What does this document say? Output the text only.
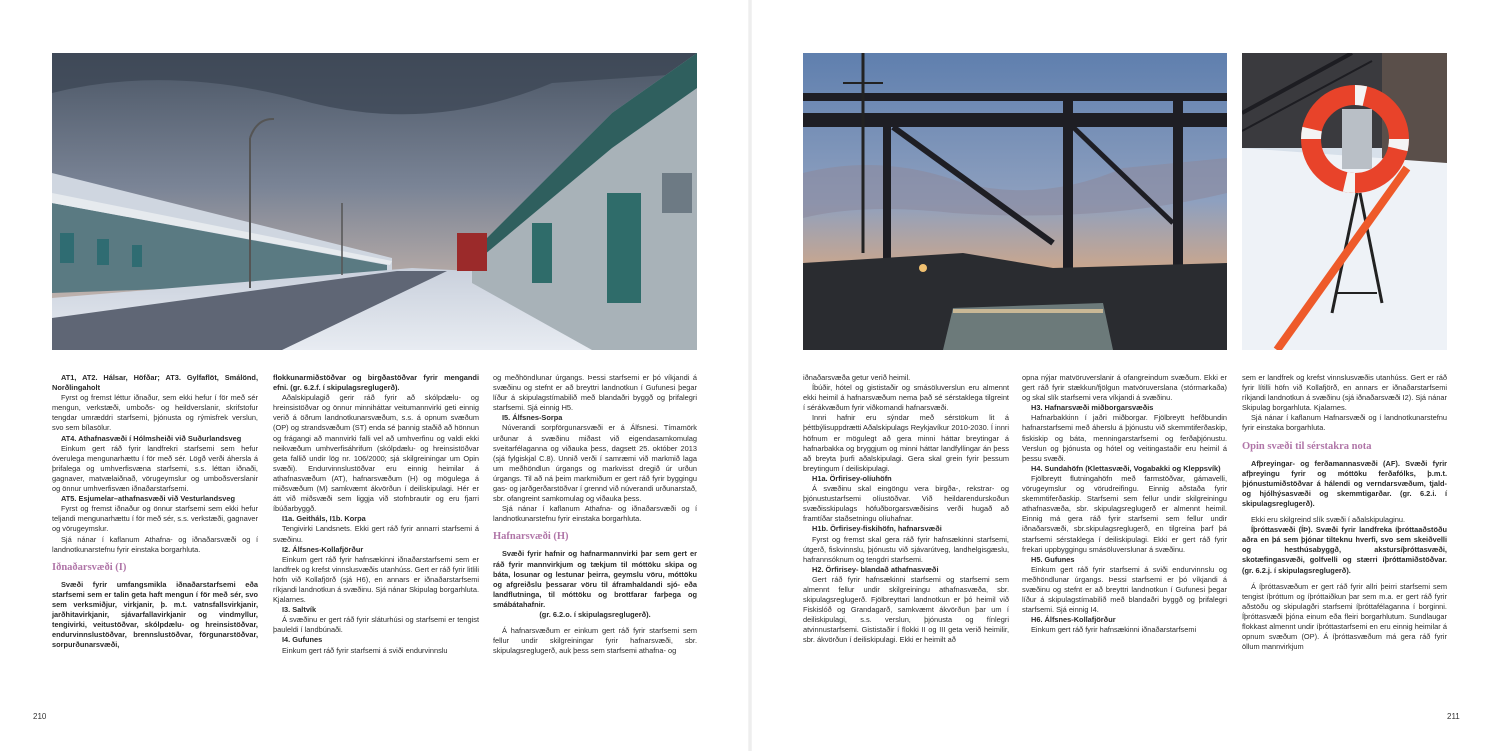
AT1, AT2. Hálsar, Höfðar; AT3. Gylfaflöt, Smálönd, Norðlingaholt

Fyrst og fremst léttur iðnaður, sem ekki hefur í för með sér mengun, verkstæði, umboðs- og heildverslanir, skrifstofur tengdar umræddri starfsemi, þjónusta og rýmisfrek verslun, svo sem bílasölur.

AT4. Athafnasvæði í Hólmsheiði við Suðurlandsveg

Einkum gert ráð fyrir landfrekri starfsemi sem hefur óverulega mengunarhættu í för með sér. Lögð verði áhersla á þrifalega og umhverfisvæna starfsemi, s.s. léttan iðnaði, gagnaver, matvælaiðnað, vörugeymslur og umboðsverslanir og önnur umhverfisvæn iðnaðarstarfsemi.

AT5. Esjumelar–athafnasvæði við Vesturlandsveg

Fyrst og fremst iðnaður og önnur starfsemi sem ekki hefur teljandi mengunarhættu í för með sér, s.s. verkstæði, gagnaver og vörugeymslur.

Sjá nánar í kaflanum Athafna- og iðnaðarsvæði og í landnotkunarstefnu fyrir einstaka borgarhluta.

Iðnaðarsvæði (I)

Svæði fyrir umfangsmikla iðnaðarstarfsemi eða starfsemi sem er talin geta haft mengun í för með sér, svo sem verksmiðjur, virkjanir, þ. m.t. vatnsfallsvirkjanir, jarðhitavirkjanir, sjávarfallavirkjanir og vindmyllur, tengivirki, veitustöðvar, skólpdælu- og hreinsistöðvar, endurvinnslustöðvar, brennslustöðvar, förgunarstöðvar, sorpurðunarsvæði,

flokkunarmiðstöðvar og birgðastöðvar fyrir mengandi efni. (gr. 6.2.f. í skipulagsreglugerð).

Aðalskipulagið gerir ráð fyrir að skólpdælu- og hreinsistöðvar og önnur minniháttar veitumannvirki geti einnig verið á öðrum landnotkunarsvæðum, s.s. á opnum svæðum (OP) og strandsvæðum (ST) enda sé þannig staðið að hönnun og frágangi að mannvirki falli vel að umhverfinu og valdi ekki neikvæðum umhverfisáhrifum (skólpdælu- og hreinsistöðvar geta fallið undir lög nr. 106/2000; sjá skilgreiningar um Opin svæði). Endurvinnslustöðvar eru einnig heimilar á athafnasvæðum (AT), hafnarsvæðum (H) og mögulega á miðsvæðum (M) samkvæmt ákvörðun í deiliskipulagi. Hér er átt við miðsvæði sem liggja við stofnbrautir og eru fjarri íbúðarbyggð.

I1a. Geitháls, I1b. Korpa

Tengivirki Landsnets. Ekki gert ráð fyrir annarri starfsemi á svæðinu.

I2. Álfsnes-Kollafjörður

Einkum gert ráð fyrir hafnsækinni iðnaðarstarfsemi sem er landfrek og krefst vinnslusvæðis utanhúss. Gert er ráð fyrir litlili höfn við Kollafjörð (sjá H6), en annars er iðnaðarstarfsemi ríkjandi landnotkun á svæðinu. Sjá nánar Skipulag borgarhluta. Kjalarnes.

I3. Saltvík

Á svæðinu er gert ráð fyrir sláturhúsi og starfsemi er tengist þauleldi í landbúnaði.

I4. Gufunes

Einkum gert ráð fyrir starfsemi á sviði endurvinnslu

og meðhöndlunar úrgangs. Þessi starfsemi er þó víkjandi á svæðinu og stefnt er að breyttri landnotkun í Gufunesi þegar líður á skipulagstímabilið með blandaðri byggð og þrifalegri starfsemi. Sjá einnig H5.

I5. Álfsnes-Sorpa

Núverandi sorpförgunarsvæði er á Álfsnesi. Tímamörk urðunar á svæðinu miðast við eigendasamkomulag sveitarfélaganna og viðauka þess, dagsett 25. október 2013 (sjá fylgiskjal C.8). Unnið verði í samræmi við markmið laga um meðhöndlun úrgangs og markvisst dregið úr urðun úrgangs. Til að ná þeim markmiðum er gert ráð fyrir byggingu gas- og jarðgerðarstöðvar í grennd við núverandi urðunarstað, sbr. ofangreint samkomulag og viðauka þess.

Sjá nánar í kaflanum Athafna- og iðnaðarsvæði og í landnotkunarstefnu fyrir einstaka borgarhluta.

Hafnarsvæði (H)

Svæði fyrir hafnir og hafnarmannvirki þar sem gert er ráð fyrir mannvirkjum og tækjum til móttöku skipa og báta, losunar og lestunar þeirra, geymslu vöru, móttöku og afgreiðslu þessarar vöru til áframhaldandi sjó- eða landflutninga, til móttöku og brottfarar farþega og smábátahafnir.

(gr. 6.2.o. í skipulagsreglugerð).

Á hafnarsvæðum er einkum gert ráð fyrir starfsemi sem fellur undir skilgreiningar fyrir hafnarsvæði, sbr. skipulagsreglugerð, auk þess sem starfsemi athafna- og

210

iðnaðarsvæða getur verið heimil.

Íbúðir, hótel og gististaðir og smásöluverslun eru almennt ekki heimil á hafnarsvæðum nema það sé sérstaklega tilgreint í sérákvæðum fyrir viðkomandi hafnarsvæði.

Innri hafnir eru sýndar með sérstökum lit á þéttbýlisuppdrætti Aðalskipulags Reykjavíkur 2010-2030. Í innri höfnum er mögulegt að gera minni háttar breytingar á hafnarbakka og bryggjum og minni háttar landfyllingar án þess að breyta þurfi aðalskipulagi. Gera skal grein fyrir þessum breytingum í deiliskipulagi.

H1a. Örfirisey-olíuhöfn

Á svæðinu skal eingöngu vera birgða-, rekstrar- og þjónustustarfsemi olíustöðvar. Við heildarendurskoðun svæðisskipulags höfuðborgarsvæðisins verði hugað að framtíðar staðsetningu olíuhafnar.

H1b. Örfirisey-fiskihöfn, hafnarsvæði

Fyrst og fremst skal gera ráð fyrir hafnsækinni starfsemi, útgerð, fiskvinnslu, þjónustu við sjávarútveg, landhelgisgæslu, hafrannsóknum og tengdri starfsemi.

H2. Örfirisey- blandað athafnasvæði

Gert ráð fyrir hafnsækinni starfsemi og starfsemi sem almennt fellur undir skilgreiningu athafnasvæða, sbr. skipulagsreglugerð. Fjölbreyttari landnotkun er þó heimil við Fiskislóð og Grandagarð, samkvæmt ákvörðun þar um í deiliskipulagi, s.s. verslun, þjónusta og fínlegri atvinnustarfsemi. Gististaðir í flokki II og III geta verið heimilir, sbr. ákvörðun í deiliskipulagi. Ekki er heimilt að

opna nýjar matvöruverslanir á ofangreindum svæðum. Ekki er gert ráð fyrir stækkun/fjölgun matvöruverslana (stórmarkaða) og skal slík starfsemi vera víkjandi á svæðinu.

H3. Hafnarsvæði miðborgarsvæðis

Hafnarbakkinn í jaðri miðborgar. Fjölbreytt hefðbundin hafnarstarfsemi með áherslu á þjónustu við skemmtiferðaskip, fiskiskip og báta, menningarstarfsemi og ferðaþjónustu. Verslun og þjónusta og hótel og veitingastaðir eru heimil á þessu svæði.

H4. Sundahöfn (Klettasvæði, Vogabakki og Kleppsvík)

Fjölbreytt flutningahöfn með farmstöðvar, gámavelli, vörugeymslur og vörudreifingu. Einnig aðstaða fyrir skemmtiferðaskip. Starfsemi sem fellur undir skilgreiningu athafnasvæða, sbr. skipulagsreglugerð er almennt heimil. Einnig má gera ráð fyrir starfsemi sem fellur undir iðnaðarsvæði, sbr.skipulagsreglugerð, en tilgreina þarf þá starfsemi sérstaklega í deiliskipulagi. Ekki er gert ráð fyrir frekari uppbyggingu smásöluverslunar á svæðinu.

H5. Gufunes

Einkum gert ráð fyrir starfsemi á sviði endurvinnslu og meðhöndlunar úrgangs. Þessi starfsemi er þó víkjandi á svæðinu og stefnt er að breyttri landnotkun í Gufunesi þegar líður á skipulagstímabilið með blandaðri byggð og þrifalegri starfsemi. Sjá einnig I4.

H6. Álfsnes-Kollafjörður

Einkum gert ráð fyrir hafnsækinni iðnaðarstarfsemi

sem er landfrek og krefst vinnslusvæðis utanhúss. Gert er ráð fyrir lítilli höfn við Kollafjörð, en annars er iðnaðarstarfsemi ríkjandi landnotkun á svæðinu (sjá iðnaðarsvæði I2). Sjá nánar Skipulag borgarhluta. Kjalarnes.

Sjá nánar í kaflanum Hafnarsvæði og í landnotkunarstefnu fyrir einstaka borgarhluta.

Opin svæði til sérstakra nota

Afþreyingar- og ferðamannasvæði (AF). Svæði fyrir afþreyingu fyrir og móttöku ferðafólks, þ.m.t. þjónustumiðstöðvar á hálendi og verndarsvæðum, tjald- og hjólhýsasvæði og skemmtigarðar. (gr. 6.2.i. í skipulagsreglugerð).

Ekki eru skilgreind slík svæði í aðalskipulaginu.

Íþróttasvæði (ÍÞ). Svæði fyrir landfreka íþróttaaðstöðu aðra en þá sem þjónar tilteknu hverfi, svo sem skeiðvelli og hesthúsabyggð, akstursíþróttasvæði, skotæfingasvæði, golfvelli og stærri íþróttamiðstöðvar. (gr. 6.2.j. í skipulagsreglugerð).

Á íþróttasvæðum er gert ráð fyrir allri þeirri starfsemi sem tengist íþróttum og íþróttaiðkun þar sem m.a. er gert ráð fyrir aðstöðu og skipulagðri starfsemi íþróttafélaganna í borginni. Íþróttasvæði þjóna einum eða fleiri borgarhlutum. Sundlaugar flokkast almennt undir íþróttastarfsemi en eru einnig heimilar á opnum svæðum (OP). Á íþróttasvæðum má gera ráð fyrir öllum mannvirkjum

211
